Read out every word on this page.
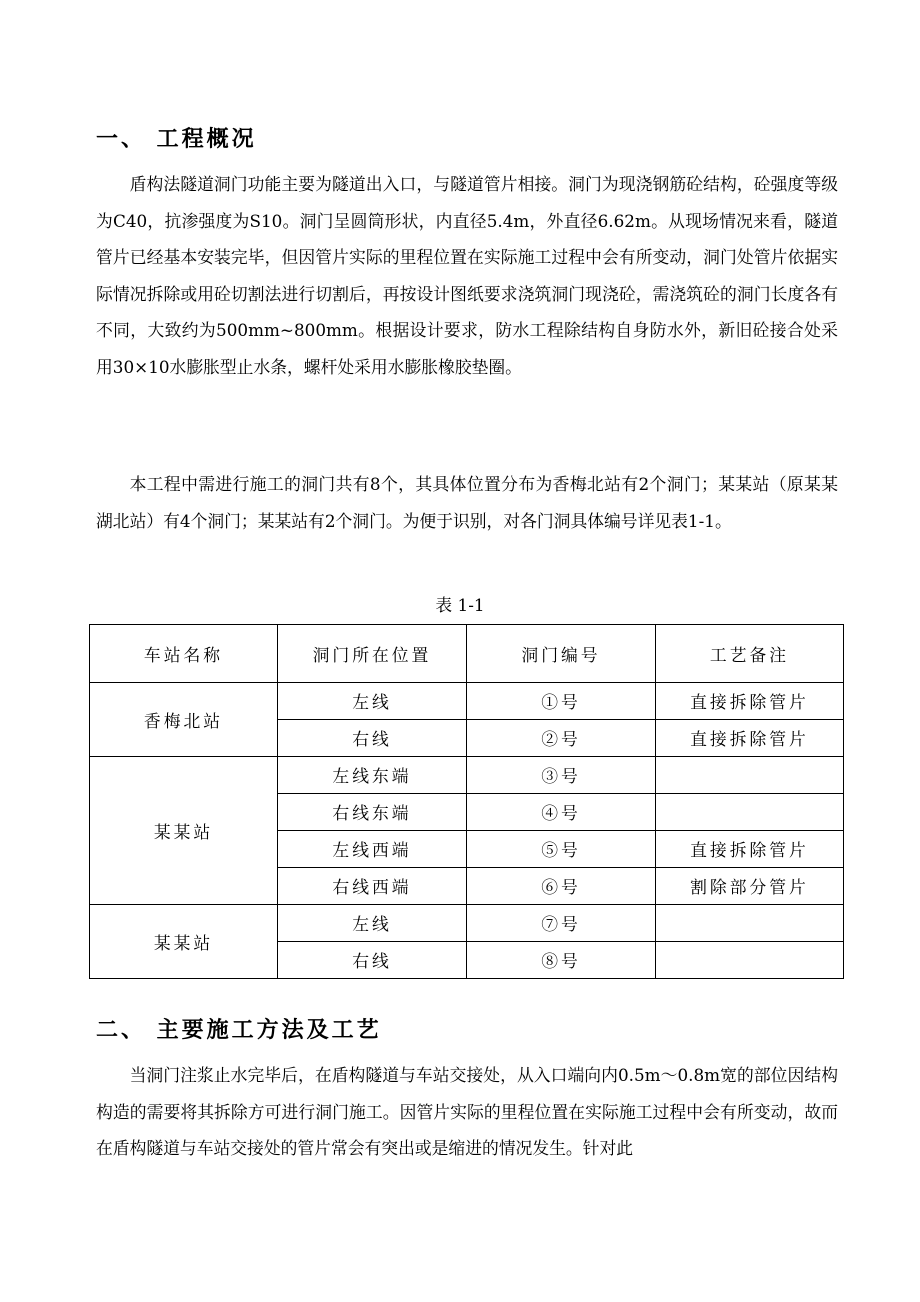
一、 工程概况

盾构法隧道洞门功能主要为隧道出入口，与隧道管片相接。洞门为现浇钢筋砼结构，砼强度等级为C40，抗渗强度为S10。洞门呈圆筒形状，内直径5.4m，外直径6.62m。从现场情况来看，隧道管片已经基本安装完毕，但因管片实际的里程位置在实际施工过程中会有所变动，洞门处管片依据实际情况拆除或用砼切割法进行切割后，再按设计图纸要求浇筑洞门现浇砼，需浇筑砼的洞门长度各有不同，大致约为500mm~800mm。根据设计要求，防水工程除结构自身防水外，新旧砼接合处采用30×10水膨胀型止水条，螺杆处采用水膨胀橡胶垫圈。

本工程中需进行施工的洞门共有8个，其具体位置分布为香梅北站有2个洞门；某某站（原某某湖北站）有4个洞门；某某站有2个洞门。为便于识别，对各门洞具体编号详见表1-1。

表 1-1

车站名称	洞门所在位置	洞门编号	工艺备注
香梅北站	左线	①号	直接拆除管片
	右线	②号	直接拆除管片
某某站	左线东端	③号	
	右线东端	④号	
	左线西端	⑤号	直接拆除管片
	右线西端	⑥号	割除部分管片
某某站	左线	⑦号	
	右线	⑧号	
二、 主要施工方法及工艺

当洞门注浆止水完毕后，在盾构隧道与车站交接处，从入口端向内0.5m～0.8m宽的部位因结构构造的需要将其拆除方可进行洞门施工。因管片实际的里程位置在实际施工过程中会有所变动，故而在盾构隧道与车站交接处的管片常会有突出或是缩进的情况发生。针对此
